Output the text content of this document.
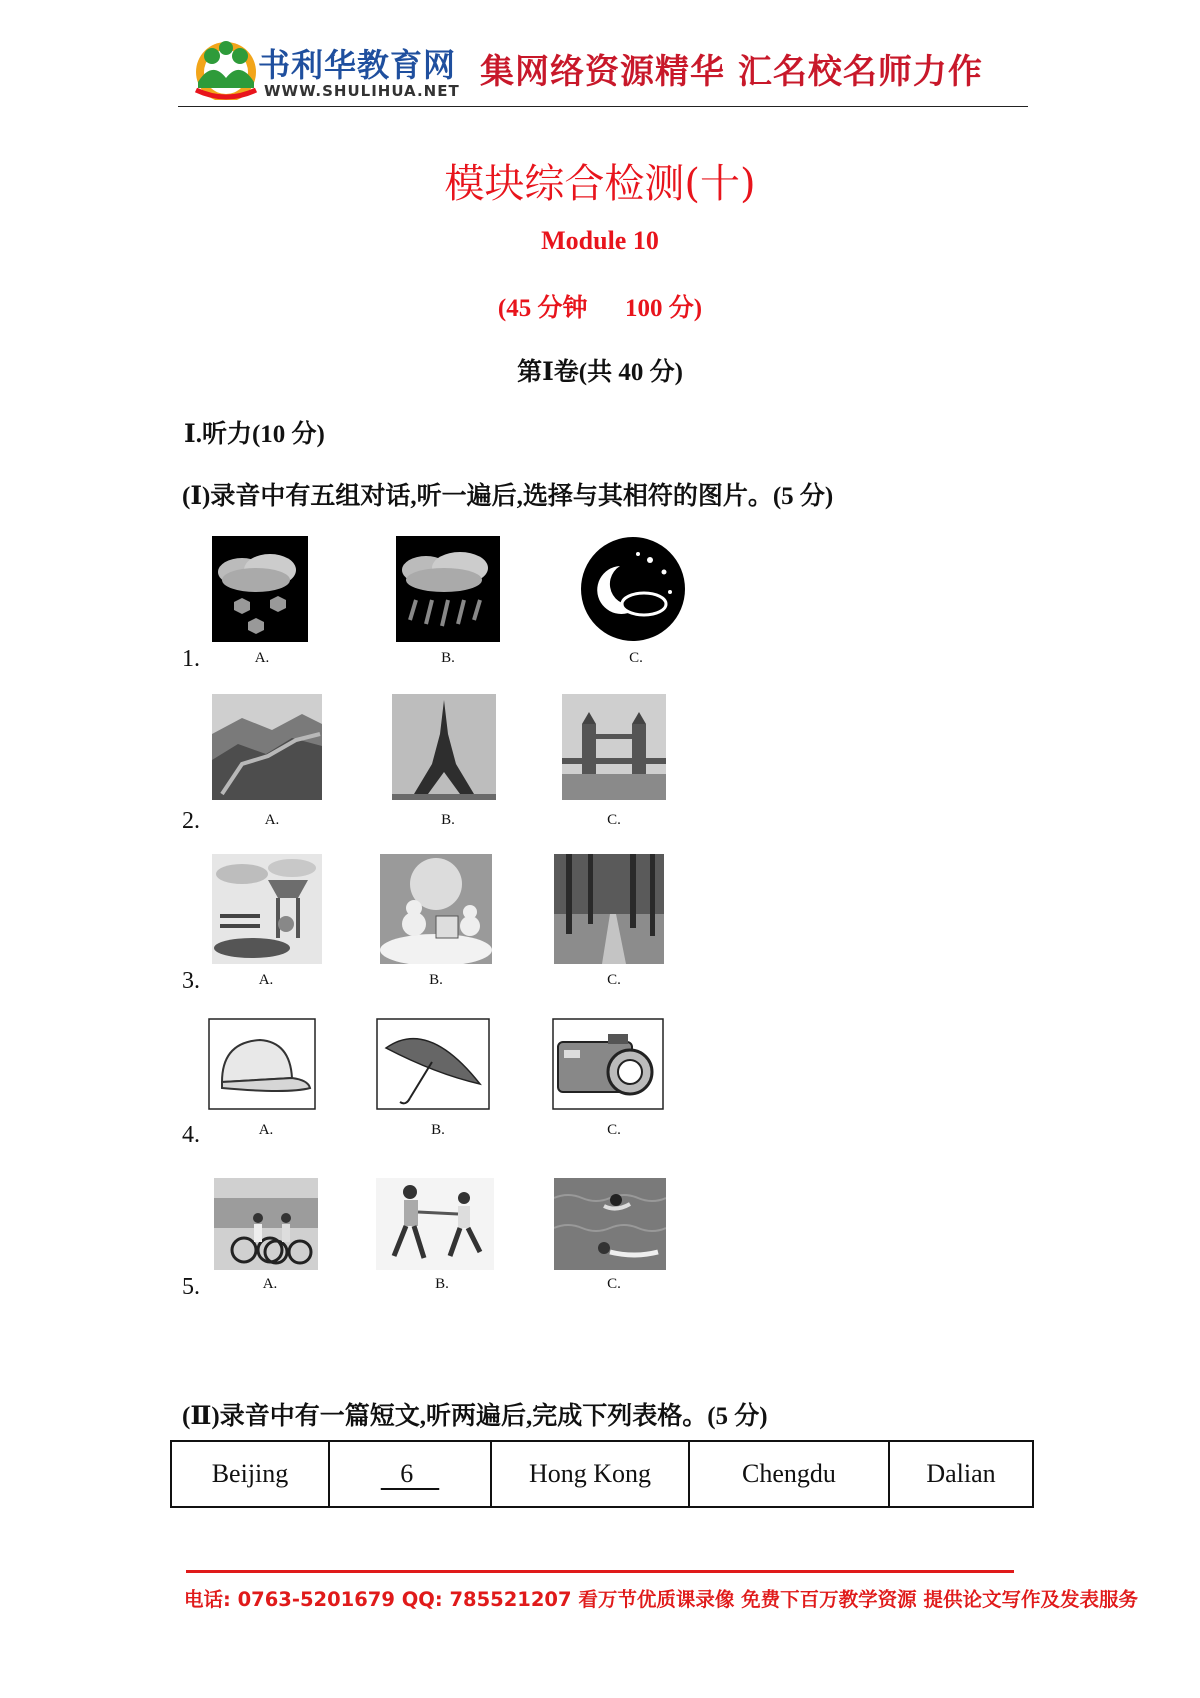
书利华教育网
WWW.SHULIHUA.NET 集网络资源精华 汇名校名师力作
模块综合检测(十)
Module 10
(45 分钟      100 分)
第Ⅰ卷(共 40 分)
Ⅰ.听力(10 分)
(Ⅰ)录音中有五组对话,听一遍后,选择与其相符的图片。(5 分)
1.	A.	B.	C.
2.	A.	B.	C.
3.	A.	B.	C.
4.	A.	B.	C.
5.	A.	B.	C.
(Ⅱ)录音中有一篇短文,听两遍后,完成下列表格。(5 分)
Beijing	6	Hong Kong	Chengdu	Dalian
电话: 0763-5201679 QQ: 785521207 看万节优质课录像 免费下百万教学资源 提供论文写作及发表服务
